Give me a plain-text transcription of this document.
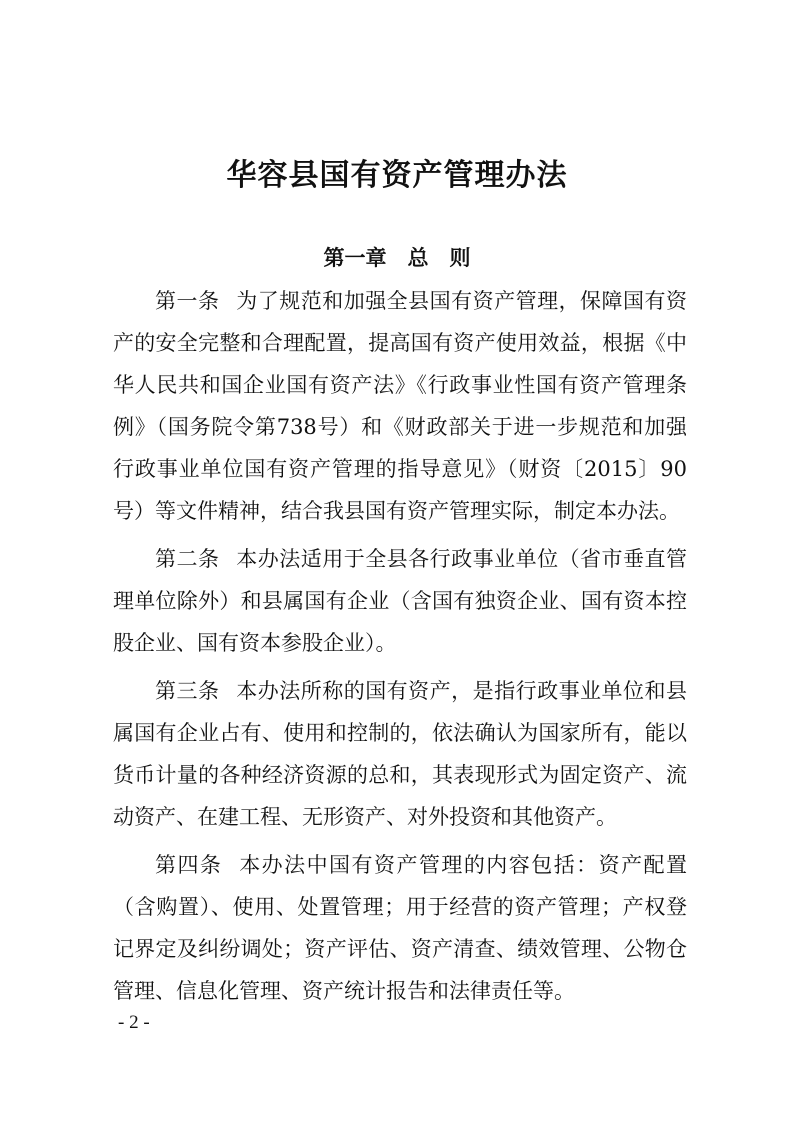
华容县国有资产管理办法
第一章　总　则

第一条 为了规范和加强全县国有资产管理，保障国有资产的安全完整和合理配置，提高国有资产使用效益，根据《中华人民共和国企业国有资产法》《行政事业性国有资产管理条例》（国务院令第738号）和《财政部关于进一步规范和加强行政事业单位国有资产管理的指导意见》（财资〔2015〕90号）等文件精神，结合我县国有资产管理实际，制定本办法。

第二条 本办法适用于全县各行政事业单位（省市垂直管理单位除外）和县属国有企业（含国有独资企业、国有资本控股企业、国有资本参股企业）。

第三条 本办法所称的国有资产，是指行政事业单位和县属国有企业占有、使用和控制的，依法确认为国家所有，能以货币计量的各种经济资源的总和，其表现形式为固定资产、流动资产、在建工程、无形资产、对外投资和其他资产。

第四条 本办法中国有资产管理的内容包括：资产配置（含购置）、使用、处置管理；用于经营的资产管理；产权登记界定及纠纷调处；资产评估、资产清查、绩效管理、公物仓管理、信息化管理、资产统计报告和法律责任等。

- 2 -
